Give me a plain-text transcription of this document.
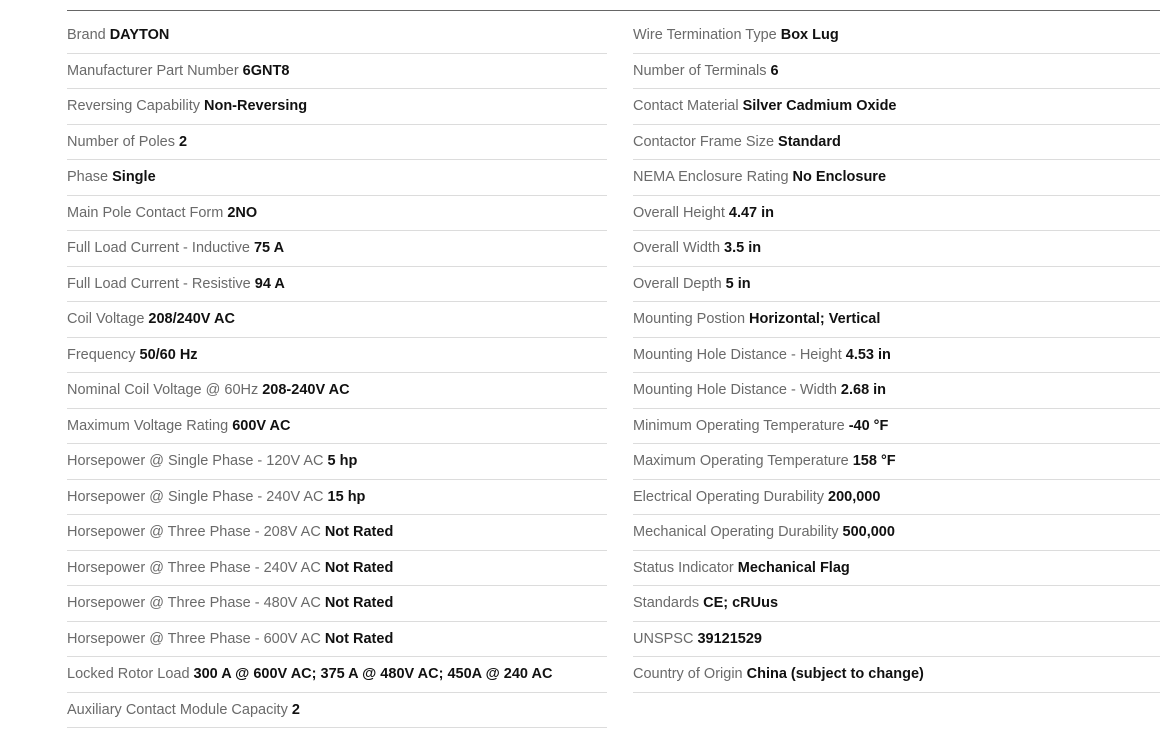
Brand DAYTON
Manufacturer Part Number 6GNT8
Reversing Capability Non-Reversing
Number of Poles 2
Phase Single
Main Pole Contact Form 2NO
Full Load Current - Inductive 75 A
Full Load Current - Resistive 94 A
Coil Voltage 208/240V AC
Frequency 50/60 Hz
Nominal Coil Voltage @ 60Hz 208-240V AC
Maximum Voltage Rating 600V AC
Horsepower @ Single Phase - 120V AC 5 hp
Horsepower @ Single Phase - 240V AC 15 hp
Horsepower @ Three Phase - 208V AC Not Rated
Horsepower @ Three Phase - 240V AC Not Rated
Horsepower @ Three Phase - 480V AC Not Rated
Horsepower @ Three Phase - 600V AC Not Rated
Locked Rotor Load 300 A @ 600V AC; 375 A @ 480V AC; 450A @ 240 AC
Auxiliary Contact Module Capacity 2
Wire Termination Type Box Lug
Number of Terminals 6
Contact Material Silver Cadmium Oxide
Contactor Frame Size Standard
NEMA Enclosure Rating No Enclosure
Overall Height 4.47 in
Overall Width 3.5 in
Overall Depth 5 in
Mounting Postion Horizontal; Vertical
Mounting Hole Distance - Height 4.53 in
Mounting Hole Distance - Width 2.68 in
Minimum Operating Temperature -40 °F
Maximum Operating Temperature 158 °F
Electrical Operating Durability 200,000
Mechanical Operating Durability 500,000
Status Indicator Mechanical Flag
Standards CE; cRUus
UNSPSC 39121529
Country of Origin China (subject to change)
